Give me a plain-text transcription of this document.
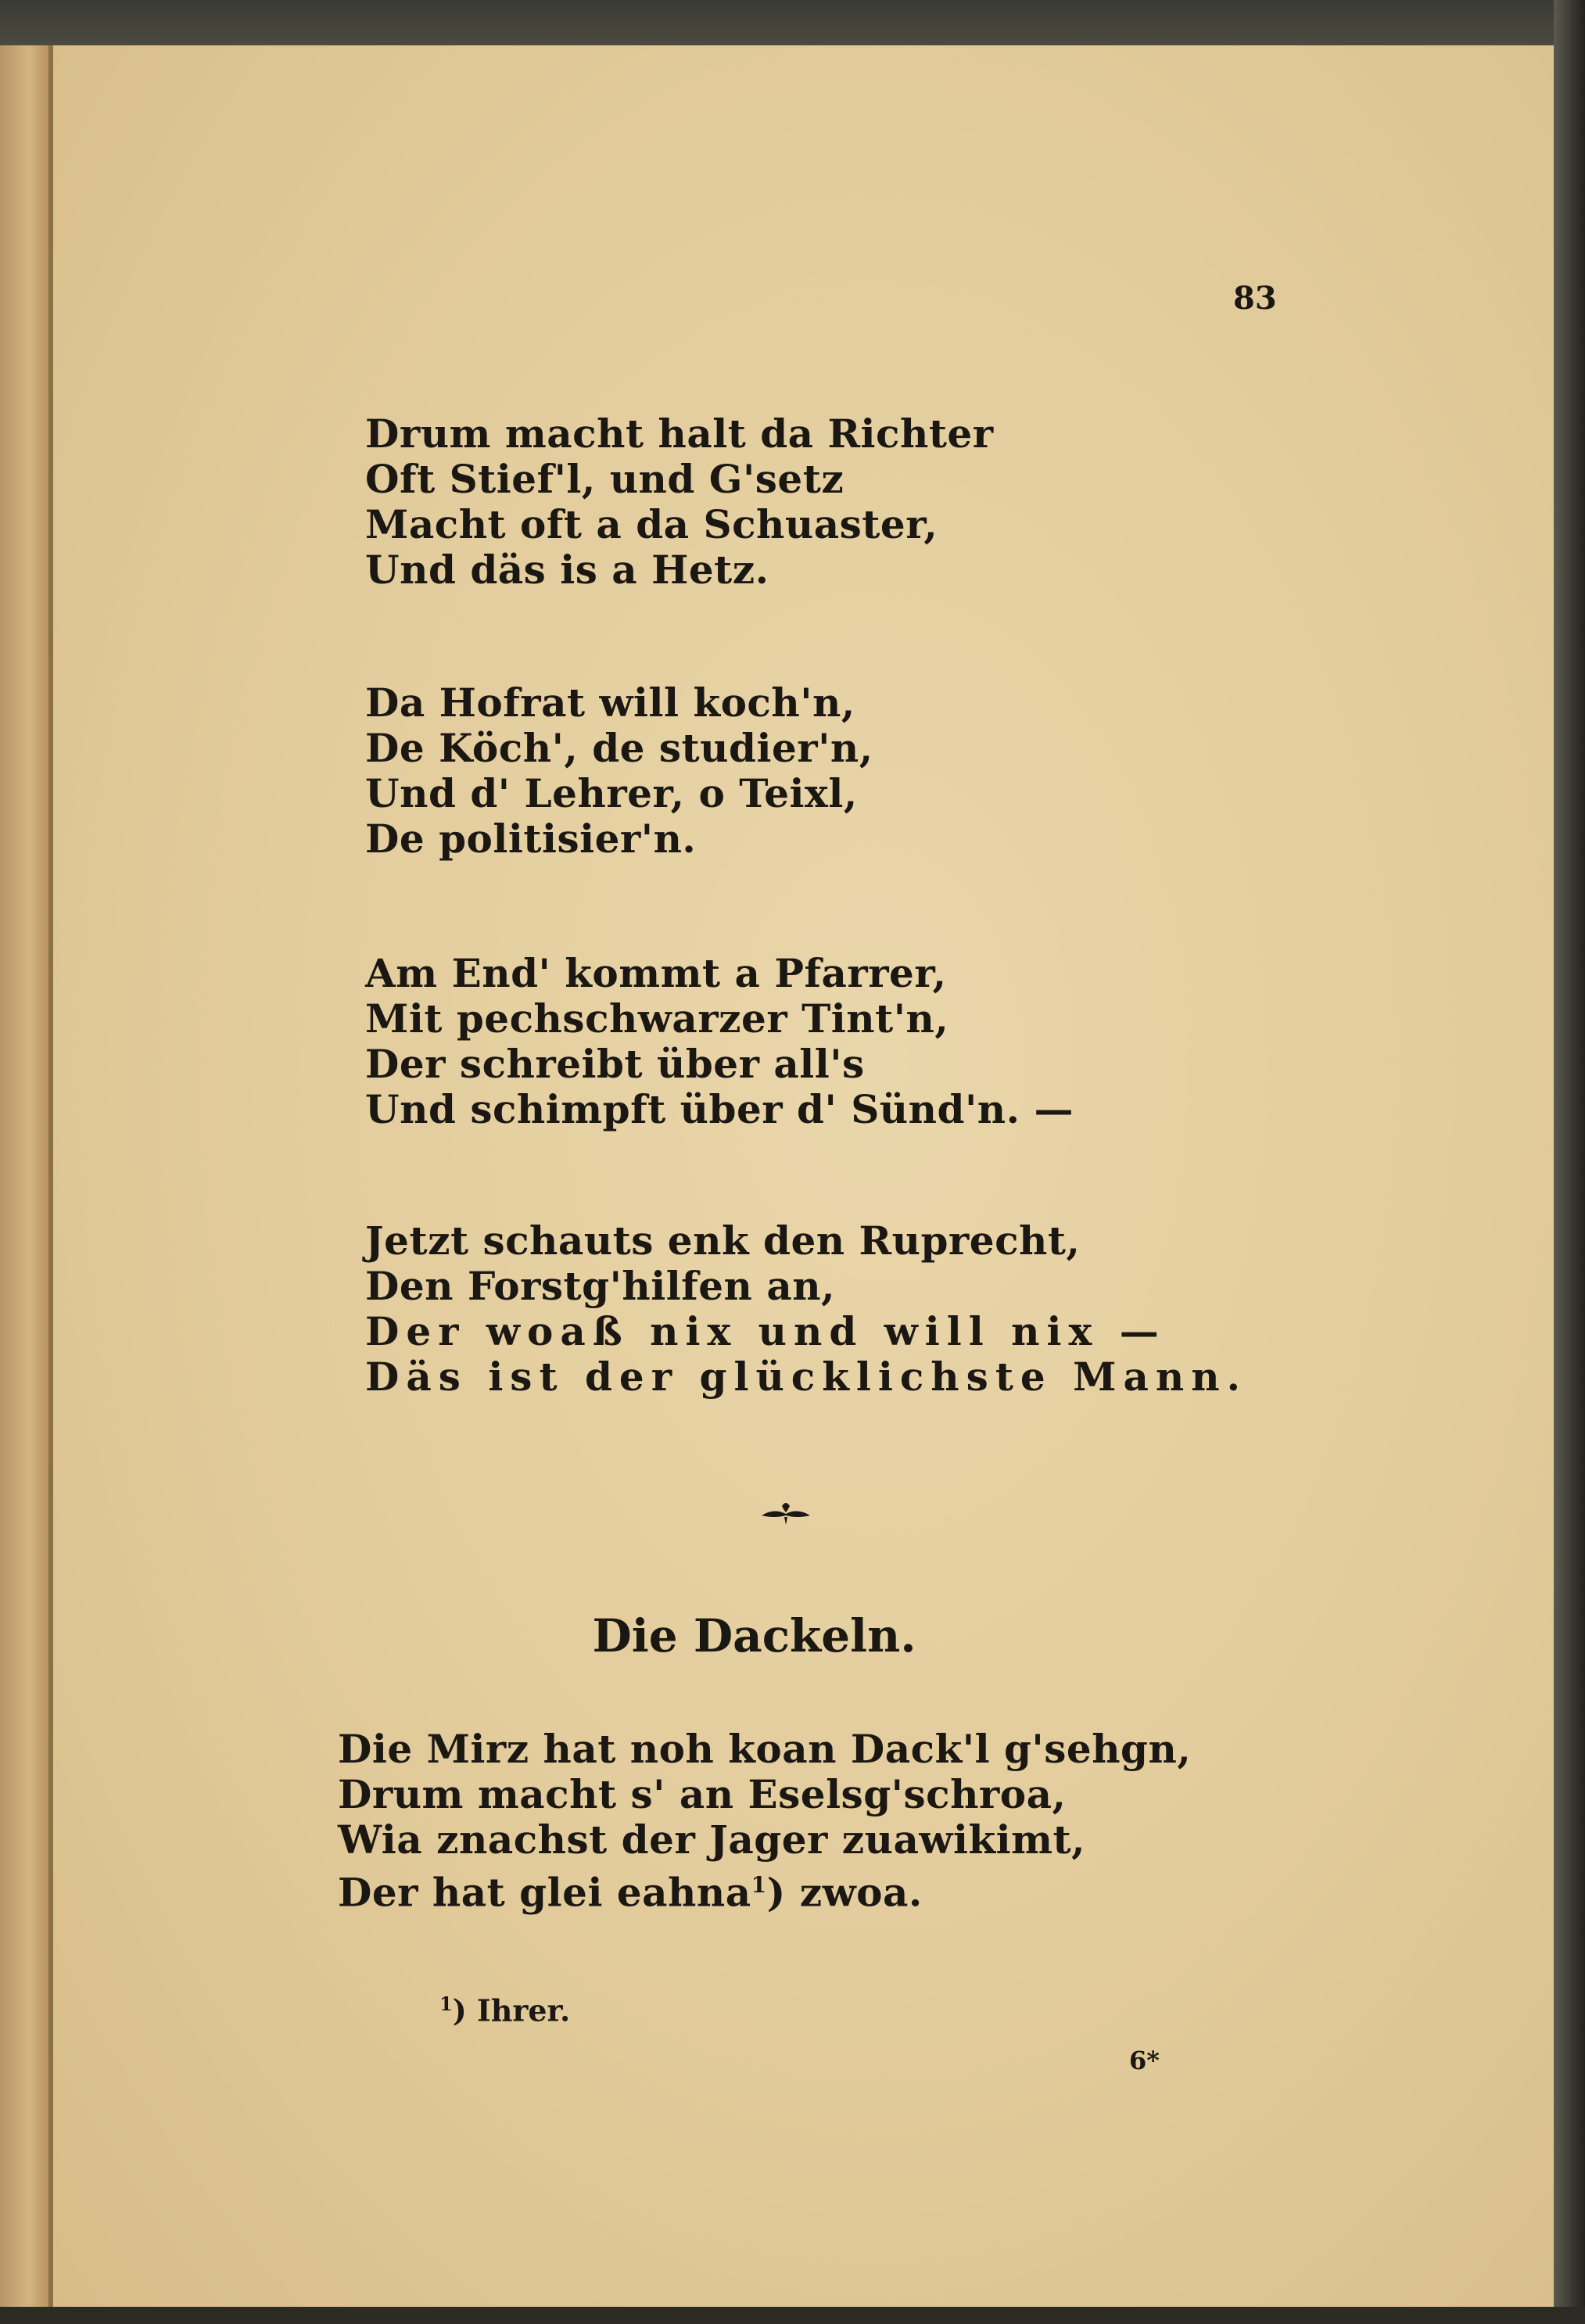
83
Drum macht halt da Richter
Oft Stief'l, und G'setz
Macht oft a da Schuaster,
Und däs is a Hetz.
Da Hofrat will koch'n,
De Köch', de studier'n,
Und d' Lehrer, o Teixl,
De politisier'n.
Am End' kommt a Pfarrer,
Mit pechschwarzer Tint'n,
Der schreibt über all's
Und schimpft über d' Sünd'n. —
Jetzt schauts enk den Ruprecht,
Den Forstg'hilfen an,
Der woaß nix und will nix —
Däs ist der glücklichste Mann.
Die Dackeln.
Die Mirz hat noh koan Dack'l g'sehgn,
Drum macht s' an Eselsg'schroa,
Wia znachst der Jager zuawikimt,
Der hat glei eahna$^1$) zwoa.
$^1$) Ihrer.
6*
